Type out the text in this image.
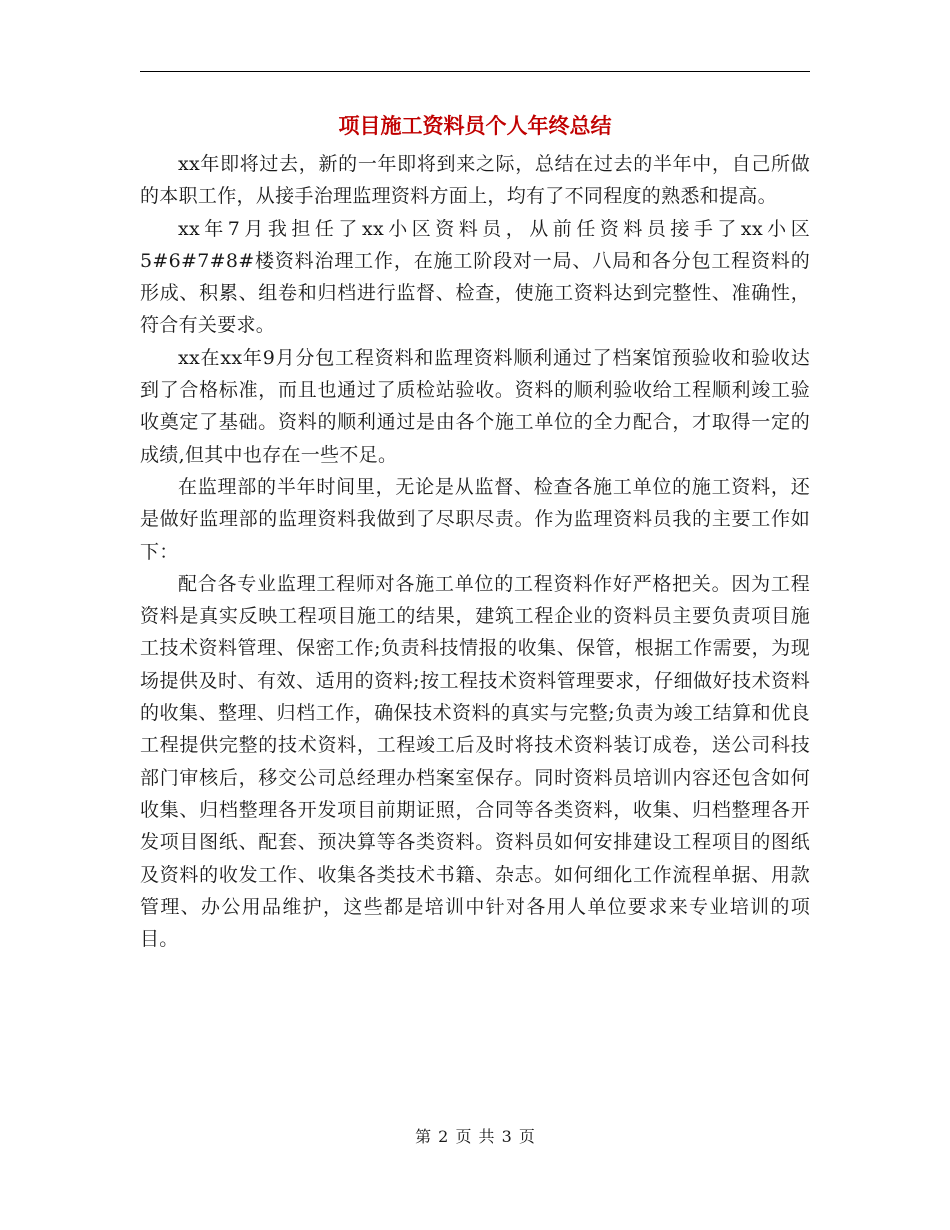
项目施工资料员个人年终总结

xx年即将过去，新的一年即将到来之际，总结在过去的半年中，自己所做的本职工作，从接手治理监理资料方面上，均有了不同程度的熟悉和提高。

xx年7月我担任了xx小区资料员，从前任资料员接手了xx小区5#6#7#8#楼资料治理工作，在施工阶段对一局、八局和各分包工程资料的形成、积累、组卷和归档进行监督、检查，使施工资料达到完整性、准确性，符合有关要求。

xx在xx年9月分包工程资料和监理资料顺利通过了档案馆预验收和验收达到了合格标准，而且也通过了质检站验收。资料的顺利验收给工程顺利竣工验收奠定了基础。资料的顺利通过是由各个施工单位的全力配合，才取得一定的成绩,但其中也存在一些不足。

在监理部的半年时间里，无论是从监督、检查各施工单位的施工资料，还是做好监理部的监理资料我做到了尽职尽责。作为监理资料员我的主要工作如下：

配合各专业监理工程师对各施工单位的工程资料作好严格把关。因为工程资料是真实反映工程项目施工的结果，建筑工程企业的资料员主要负责项目施工技术资料管理、保密工作;负责科技情报的收集、保管，根据工作需要，为现场提供及时、有效、适用的资料;按工程技术资料管理要求，仔细做好技术资料的收集、整理、归档工作，确保技术资料的真实与完整;负责为竣工结算和优良工程提供完整的技术资料，工程竣工后及时将技术资料装订成卷，送公司科技部门审核后，移交公司总经理办档案室保存。同时资料员培训内容还包含如何收集、归档整理各开发项目前期证照，合同等各类资料，收集、归档整理各开发项目图纸、配套、预决算等各类资料。资料员如何安排建设工程项目的图纸及资料的收发工作、收集各类技术书籍、杂志。如何细化工作流程单据、用款管理、办公用品维护，这些都是培训中针对各用人单位要求来专业培训的项目。

第 2 页 共 3 页
